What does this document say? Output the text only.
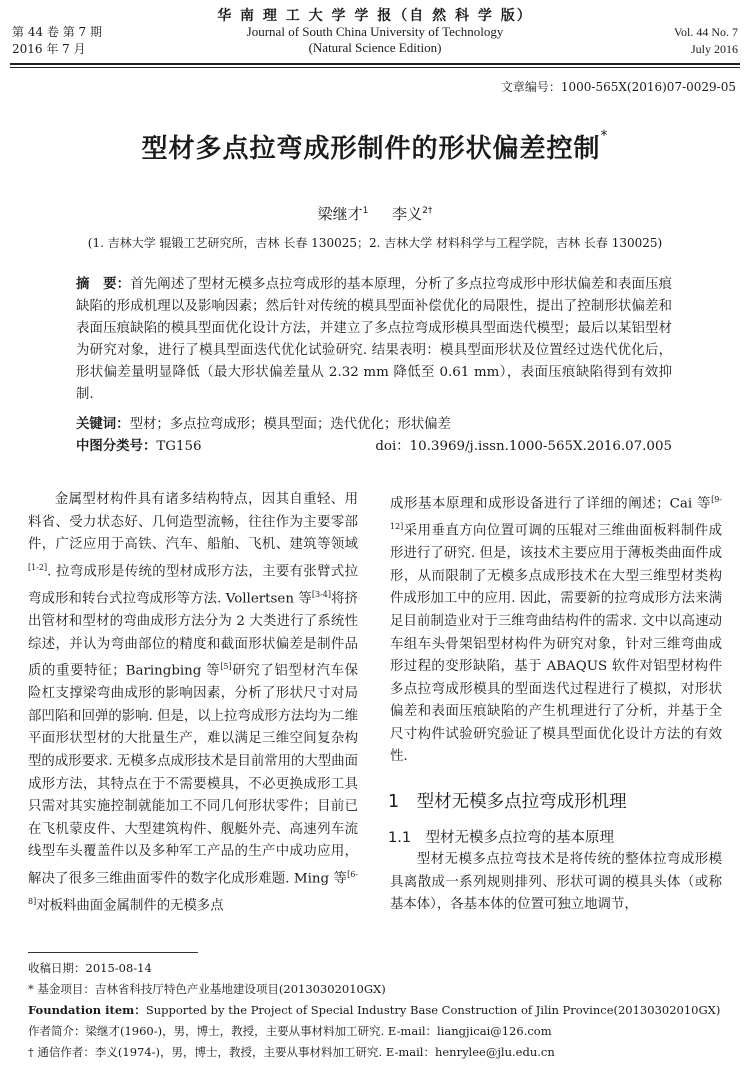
第 44 卷 第 7 期
2016 年 7 月
华 南 理 工 大 学 学 报（自 然 科 学 版）
Journal of South China University of Technology
(Natural Science Edition)
Vol. 44 No. 7
July 2016
文章编号：1000-565X(2016)07-0029-05
型材多点拉弯成形制件的形状偏差控制*
梁继才$^1$ 李义$^{2\dagger}$
(1. 吉林大学 辊锻工艺研究所，吉林 长春 130025；2. 吉林大学 材料科学与工程学院，吉林 长春 130025)
摘　要：首先阐述了型材无模多点拉弯成形的基本原理，分析了多点拉弯成形中形状偏差和表面压痕缺陷的形成机理以及影响因素；然后针对传统的模具型面补偿优化的局限性，提出了控制形状偏差和表面压痕缺陷的模具型面优化设计方法，并建立了多点拉弯成形模具型面迭代模型；最后以某铝型材为研究对象，进行了模具型面迭代优化试验研究. 结果表明：模具型面形状及位置经过迭代优化后，形状偏差量明显降低（最大形状偏差量从 2.32 mm 降低至 0.61 mm），表面压痕缺陷得到有效抑制.
关键词：型材；多点拉弯成形；模具型面；迭代优化；形状偏差
中图分类号：TG156	doi：10.3969/j.issn.1000-565X.2016.07.005
金属型材构件具有诸多结构特点，因其自重轻、用料省、受力状态好、几何造型流畅，往往作为主要零部件，广泛应用于高铁、汽车、船舶、飞机、建筑等领域[1-2]. 拉弯成形是传统的型材成形方法，主要有张臂式拉弯成形和转台式拉弯成形等方法. Vollertsen 等[3-4]将挤出管材和型材的弯曲成形方法分为 2 大类进行了系统性综述，并认为弯曲部位的精度和截面形状偏差是制件品质的重要特征；Baringbing 等[5]研究了铝型材汽车保险杠支撑梁弯曲成形的影响因素，分析了形状尺寸对局部凹陷和回弹的影响. 但是，以上拉弯成形方法均为二维平面形状型材的大批量生产，难以满足三维空间复杂构型的成形要求. 无模多点成形技术是目前常用的大型曲面成形方法，其特点在于不需要模具，不必更换成形工具只需对其实施控制就能加工不同几何形状零件；目前已在飞机蒙皮件、大型建筑构件、舰艇外壳、高速列车流线型车头覆盖件以及多种军工产品的生产中成功应用，解决了很多三维曲面零件的数字化成形难题. Ming 等[6-8]对板料曲面金属制件的无模多点
成形基本原理和成形设备进行了详细的阐述；Cai 等[9-12]采用垂直方向位置可调的压辊对三维曲面板料制件成形进行了研究. 但是，该技术主要应用于薄板类曲面件成形，从而限制了无模多点成形技术在大型三维型材类构件成形加工中的应用. 因此，需要新的拉弯成形方法来满足目前制造业对于三维弯曲结构件的需求. 文中以高速动车组车头骨架铝型材构件为研究对象，针对三维弯曲成形过程的变形缺陷，基于 ABAQUS 软件对铝型材构件多点拉弯成形模具的型面迭代过程进行了模拟，对形状偏差和表面压痕缺陷的产生机理进行了分析，并基于全尺寸构件试验研究验证了模具型面优化设计方法的有效性.
1　型材无模多点拉弯成形机理
1.1　型材无模多点拉弯的基本原理
型材无模多点拉弯技术是将传统的整体拉弯成形模具离散成一系列规则排列、形状可调的模具头体（或称基本体），各基本体的位置可独立地调节，

收稿日期：2015-08-14

* 基金项目：吉林省科技厅特色产业基地建设项目(20130302010GX)

Foundation item：Supported by the Project of Special Industry Base Construction of Jilin Province(20130302010GX)

作者简介：梁继才(1960-)，男，博士，教授，主要从事材料加工研究. E-mail：liangjicai@126.com

† 通信作者：李义(1974-)，男，博士，教授，主要从事材料加工研究. E-mail：henrylee@jlu.edu.cn
